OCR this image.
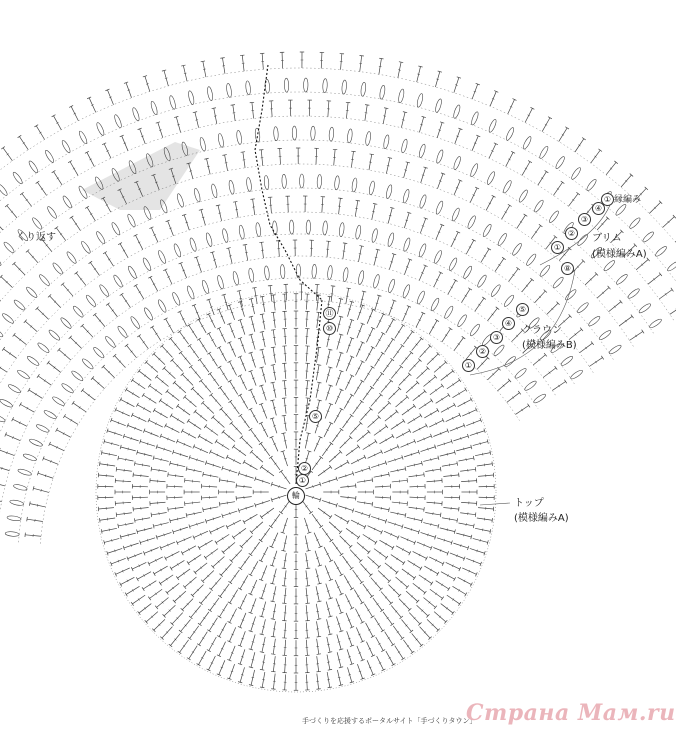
くり返す
① 縁編み
④
③
②
①
⑧
ブリム
(模様編みA)
⑤
④
③
②
①
クラウン
(模様編みB)
トップ
(模様編みA)
⑪
⑩
⑤
②
①
輪
手づくりを応援するポータルサイト「手づくりタウン」
Страна Мам.ru
